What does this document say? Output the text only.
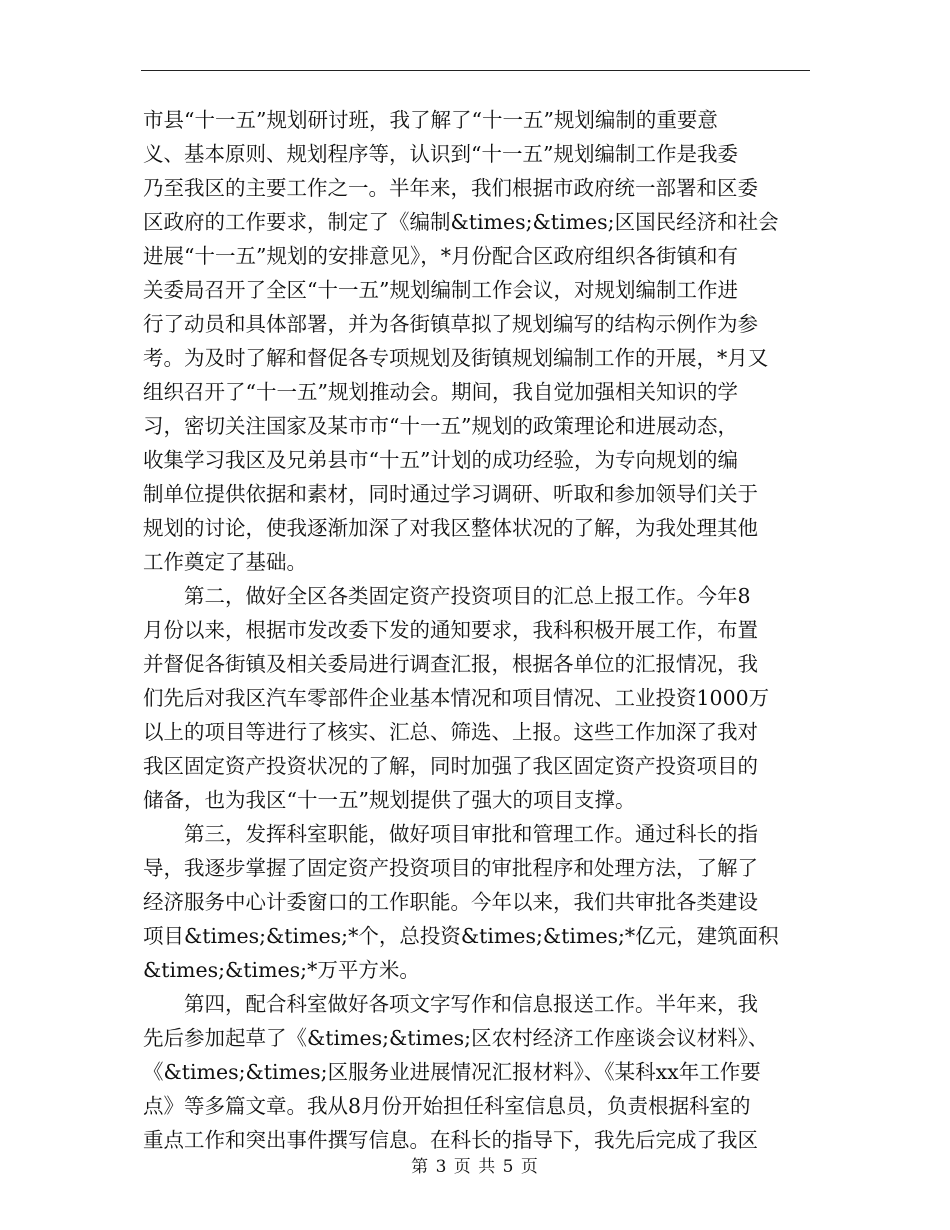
市县“十一五”规划研讨班，我了解了“十一五”规划编制的重要意
义、基本原则、规划程序等，认识到“十一五”规划编制工作是我委
乃至我区的主要工作之一。半年来，我们根据市政府统一部署和区委
区政府的工作要求，制定了《编制&times;&times;区国民经济和社会
进展“十一五”规划的安排意见》，*月份配合区政府组织各街镇和有
关委局召开了全区“十一五”规划编制工作会议，对规划编制工作进
行了动员和具体部署，并为各街镇草拟了规划编写的结构示例作为参
考。为及时了解和督促各专项规划及街镇规划编制工作的开展，*月又
组织召开了“十一五”规划推动会。期间，我自觉加强相关知识的学
习，密切关注国家及某市市“十一五”规划的政策理论和进展动态，
收集学习我区及兄弟县市“十五”计划的成功经验，为专向规划的编
制单位提供依据和素材，同时通过学习调研、听取和参加领导们关于
规划的讨论，使我逐渐加深了对我区整体状况的了解，为我处理其他
工作奠定了基础。
　　第二，做好全区各类固定资产投资项目的汇总上报工作。今年8
月份以来，根据市发改委下发的通知要求，我科积极开展工作，布置
并督促各街镇及相关委局进行调查汇报，根据各单位的汇报情况，我
们先后对我区汽车零部件企业基本情况和项目情况、工业投资1000万
以上的项目等进行了核实、汇总、筛选、上报。这些工作加深了我对
我区固定资产投资状况的了解，同时加强了我区固定资产投资项目的
储备，也为我区“十一五”规划提供了强大的项目支撑。
　　第三，发挥科室职能，做好项目审批和管理工作。通过科长的指
导，我逐步掌握了固定资产投资项目的审批程序和处理方法，了解了
经济服务中心计委窗口的工作职能。今年以来，我们共审批各类建设
项目&times;&times;*个，总投资&times;&times;*亿元，建筑面积
&times;&times;*万平方米。
　　第四，配合科室做好各项文字写作和信息报送工作。半年来，我
先后参加起草了《&times;&times;区农村经济工作座谈会议材料》、
《&times;&times;区服务业进展情况汇报材料》、《某科xx年工作要
点》等多篇文章。我从8月份开始担任科室信息员，负责根据科室的
重点工作和突出事件撰写信息。在科长的指导下，我先后完成了我区
第 3 页 共 5 页
